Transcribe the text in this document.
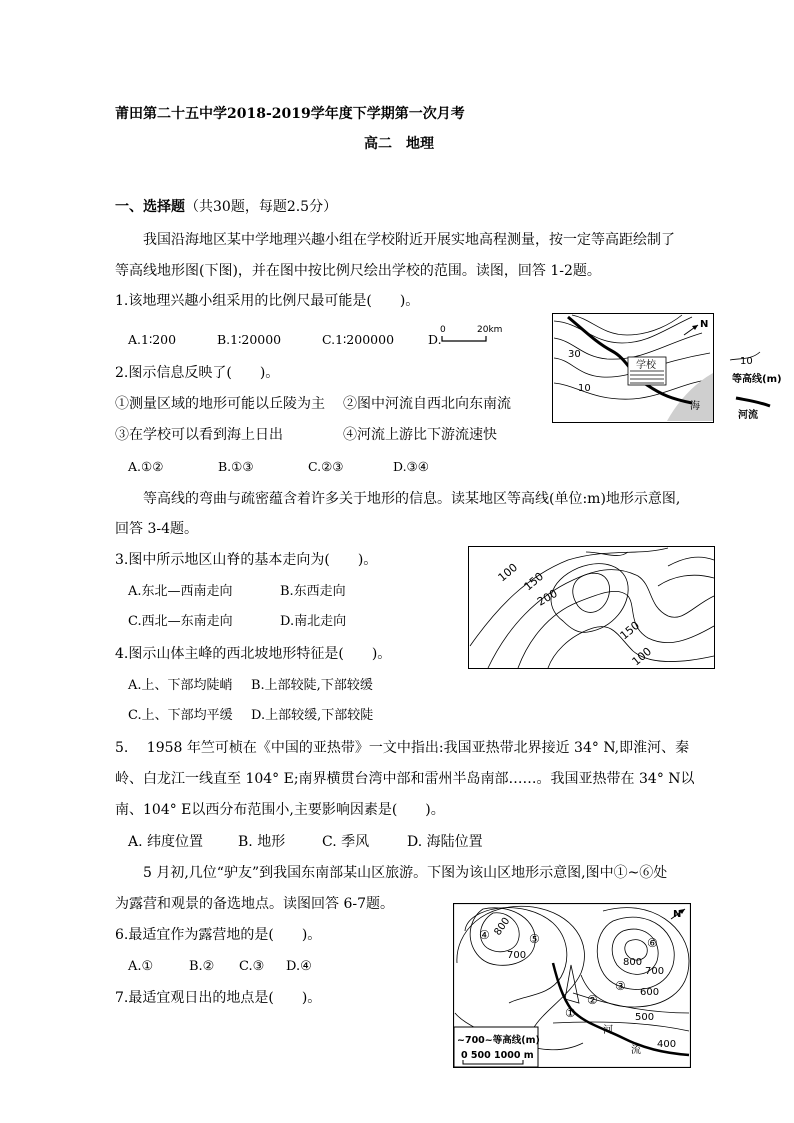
莆田第二十五中学2018-2019学年度下学期第一次月考
高二　地理
一、选择题（共30题，每题2.5分）
我国沿海地区某中学地理兴趣小组在学校附近开展实地高程测量，按一定等高距绘制了
等高线地形图(下图)，并在图中按比例尺绘出学校的范围。读图，回答 1-2题。
1.该地理兴趣小组采用的比例尺最可能是(　　)。
A.1∶200	B.1∶20000	C.1∶200000	D.
0	20km
2.图示信息反映了(　　)。
①测量区域的地形可能以丘陵为主 ②图中河流自西北向东南流
③在学校可以看到海上日出	④河流上游比下游流速快
A.①②	B.①③	C.②③	D.③④
学校
30
10
海
N
10
等高线(m)
河流
等高线的弯曲与疏密蕴含着许多关于地形的信息。读某地区等高线(单位:m)地形示意图,
回答 3-4题。
3.图中所示地区山脊的基本走向为(　　)。
A.东北—西南走向	B.东西走向
C.西北—东南走向	D.南北走向
4.图示山体主峰的西北坡地形特征是(　　)。
A.上、下部均陡峭 B.上部较陡,下部较缓
C.上、下部均平缓 D.上部较缓,下部较陡
100 150
200
150
100
5.　 1958 年竺可桢在《中国的亚热带》一文中指出:我国亚热带北界接近 34° N,即淮河、秦
岭、白龙江一线直至 104° E;南界横贯台湾中部和雷州半岛南部……。我国亚热带在 34° N以
南、104° E以西分布范围小,主要影响因素是(　　)。
A. 纬度位置 B. 地形	C. 季风	D. 海陆位置
5 月初,几位“驴友”到我国东南部某山区旅游。下图为该山区地形示意图,图中①~⑥处
为露营和观景的备选地点。读图回答 6-7题。
6.最适宜作为露营地的是(　　)。
A.①	B.② C.③ D.④
7.最适宜观日出的地点是(　　)。
④ 800
⑤
700
⑥
800
700
③ 600
②
①	500
河
流
400
N
~700~等高线(m)
0 500 1000 m
